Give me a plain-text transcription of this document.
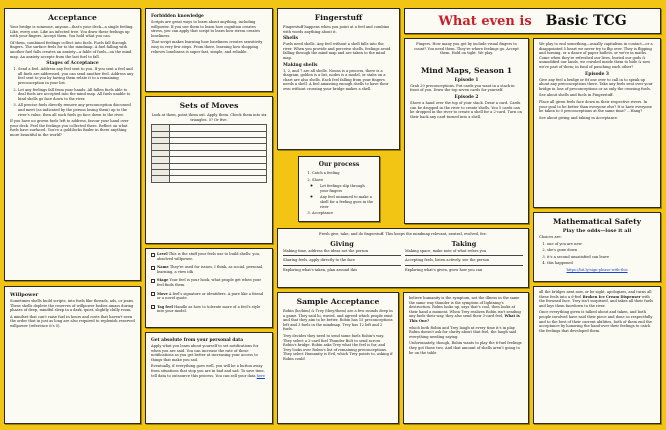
Acceptance

Your bridge is someone, anyone—that's your deck—a single feeling. Like, every one. Like an infected tree. You draw these feelings up with your fingers. Accept them. You hold what you can.

Of them, combined feelings collect into fuels. Fuels fall through fingers. The surface feels for to the mindmap. A fuel falling with another fuel falls creates an anxiety—a fable of fuels—on the mind map. An anxiety accepts from the last fuel to fall.

Stages of Acceptance
1. Send a feel. Address any feel sent to you. If you sent a feel and all fuels are addressed, you can send another feel. Address any feel sent to you by having them relate it to a remaining preconception in your list.
2. Let any feelings fall from your hands. All fallen fuels able to deal fuels are accepted into the mind map. All fuels unable to bind shells go face down to the river.
3. All precise fuels directly remove any preconception discussed and meet (as indicated by the person losing them) up to the river's value, then all such fuels go face down to the river.

If you have no grown fuels left to address, favour your hand over your deck. Feel the feelings you collected there. Reflect on what fuels have surfaced. You're a goldilocks finder in there anything more beautiful in the world?

Willpower

Sometimes shells build scripts, into fuels like threads, ads, or jeans. These shells deplete the reserves of willpower bodies amass during phases of deep, mindful sleep in a dark, quiet, slightly chilly room.

A mindset that can't raise fuel in hours and costs that haven't seen the order that in just as long are also required to replenish reserved willpower (reference it's 5).

Forbidden knowledge

Scripts are great ways to learn about anything, including willpower. If you use them to learn how cognition creates stress, you can apply that script to learn how stress creates loneliness.

That script makes learning how loneliness creates sensitivity easy in very few steps. From there, learning how shopping relieves loneliness is super fast, simple, and reliable.

Sets of Moves

Look at them, point them out. Apply them. Check them into six triangles. 5? Or five.

Level This is the stuff your feels use to build shells: you, absolved willpower.

Name They're used for issues, I think, as social, personal, learning, a view idk

Stage Your feel is your hook, what people get when your feel finds them.

Move A feel's signature or identifiers. A pure like a friend or a novel quote.

Tag feel Handle as how to tolerate more of a feel's style into your model.

Get absolute from your personal data

Apply what you learn about yourself to set notifications for when you are said. You can increase the rate of these notifications as you get better at increasing your access to things that make you sad.

Eventually, if everything goes well, you will be a button away from situations that stop you are in bad and sad. To save time, tell data to outsource this process. You can sell your data here

Fingerstuff

Fingerstuff happens when you point at a feel and combine with words anything about it.

Shells

Fuels need shells. Any feel without a shell falls into the river. When you provide and perceive shells, feelings avoid falling through the mind map and are taken to the mind map.

Making shells

1, 2, and 7 are all shells. Nouns is a process, there is a diagram, golden is a list, nodes is a model, or stabs on a chart are also shells. Each feel falling from your fingers needs a shell. A feel amassing enough shells to have their own without crossing your bridge makes a shell.

Our process
1. Catch a feeling
2. Shove
◦ Let feelings slip through your fingers
◦ Any feel unnamed to make a shell for a feeling goes in the river
3. Acceptance
What even is Basic TCG

Fingers. How many you get by include visual fingers to count? You need them. They're where feelings go. Accept them. Hold on tight. We play.

Mind Maps, Season 1
Episode 1

Grab 20 preconceptions. Put cards you want in a stack in front of you. Draw the top seven cards for yourself.

Episode 2

Shove a hand over the top of your stack. Draw a card. Cards can be dropped in the river to create shells. You 5 cards can be dropped in the river to create a shell for a 2-card. Turn on their back any card turned into a shell.

We play to end something—usually capitalism in contact—or a disappointed 5 heart we never try to flip over. They is flipping and turning, or a dance of paper bullets, or we're in maths. Come when they're refreshed our lives, buried our gods & unmodified our lands, we crawled inside them to hide & now we're part of them; in fond of punching each other?

Episode 3

Give any feel a bridge or fit one over to call in to speak up about any preconceptions there. Take any feels sent over your bridge in loss of preconceptions or as only the crossing fuels.

See about shells and fuels in Fingerstuff.

Place all given feels face down in their respective rivers. In your goal to be better than everyone else? It is have everyone be taken to 0 preconceptions at the same time? …Hang?

See about giving and taking in Acceptance.

Mathematical Safety
Play the odds—lose it all

Choices are:

1. one of you are new
2. she's gone down
3. it's a second unsatisfied can leave
4. this happened

https://bit.ly/sign-please-with-this

Fresh give, take, and do fingerstuff. This keeps the mindmap relevant, neutral, evolved, fee.

Giving

Making time, address the ideas not the person

Sharing feels, apply directly to the face

Exploring what's taken, plan around this

Taking

Making space, make note of what refers you

Accepting feels, listen actively, see the person

Exploring what's given, grow how you can

Sample Acceptance

Robin (he/him) & Trey (they/them) are a few rounds deep in a game. They said hi, waved, and agreed which people exist and that they aim to be better. Robin has 15 preconceptions left and 3 fuels in the mindmap. Trey has 12 left and 2 fuels.

Trey decides they need to send some fuels Robin's way. They select a 2-card fuel Thunder Bolt to send across Robin's bridge. Robin asks Trey what the feel is for, and Trey looks over Robin's list of remaining preconceptions. They select Humanity is Evil, which Trey points to, asking if Robin could

believe humanity is the symptom, not the illness in the same the same way thunder is the symptom of lightning's destruction. Robin looks up, says that's cool, then looks at their hand a moment. When Trey realizes Robin isn't sending any fuels their way, they also send their 3-card feel, What is This One?

which both Robin and Trey laugh at every time it's in play. Robin doesn't ask for clarity about that feel, the laugh said everything needing saying.

Unfortunately, though, Robin wants to play the 6-fuel feelings they got those two. And that amount of shells aren't going to be on the table

all the bridges next now, or be sight, apologizes, and turns all these feels into a 6-feel Broken Ice Cream Dispenser with the frowned face. Trey isn't surprised, and takes all their fuels and lays them facedown to the river.

Once everything given is talked about and taken, and both people involved have said their piece and done so respectfully and to the best of their current abilities, both of them end the acceptance by honoring the hand-over their feelings to catch the feelings that developed them.
